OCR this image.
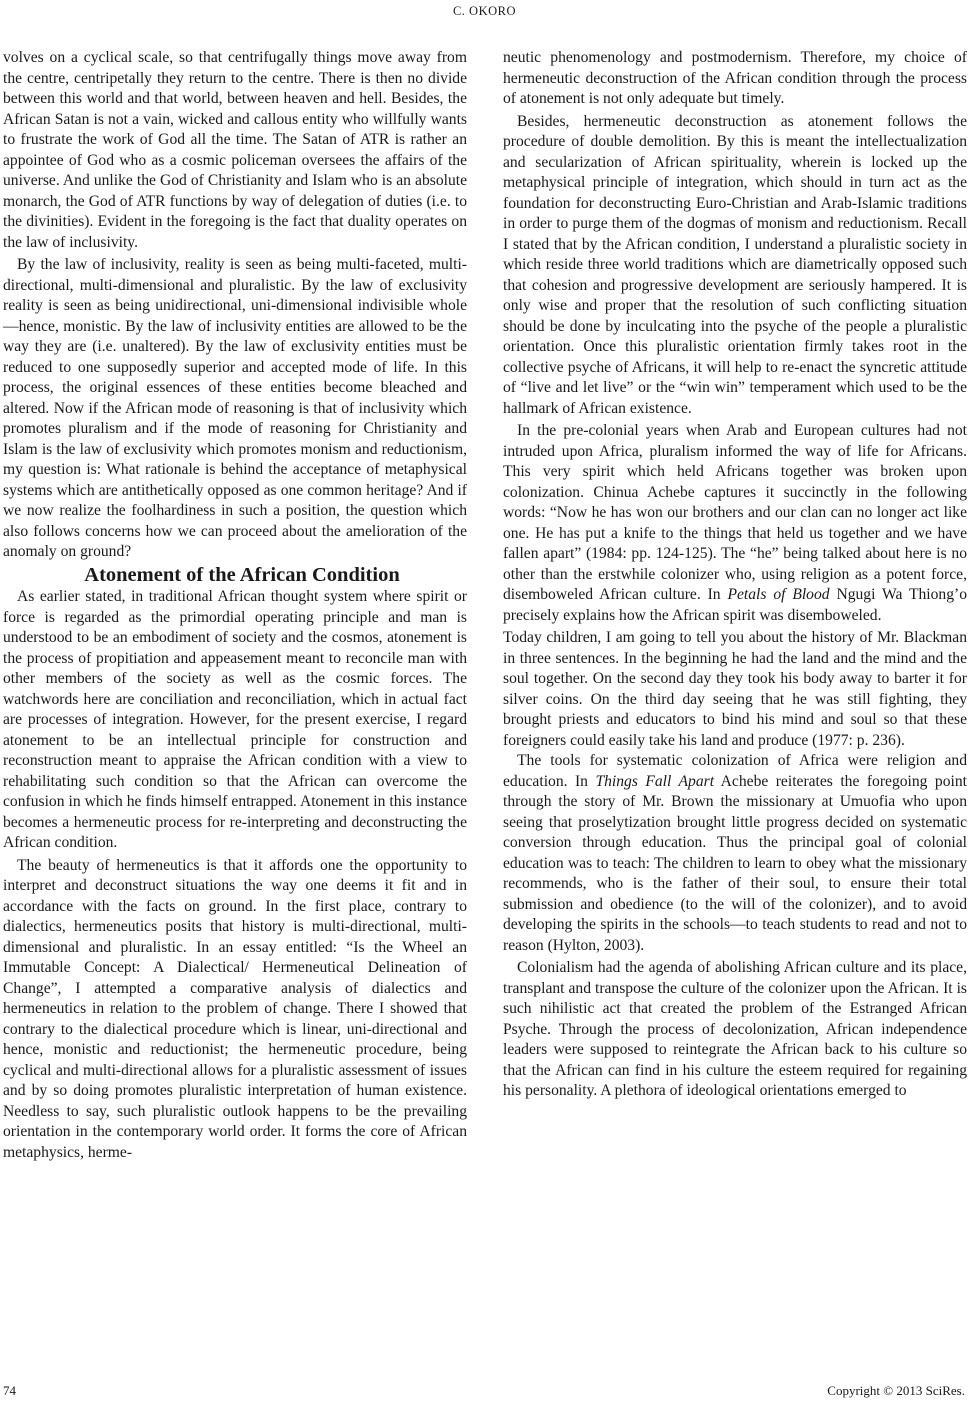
C. OKORO

volves on a cyclical scale, so that centrifugally things move away from the centre, centripetally they return to the centre. There is then no divide between this world and that world, between heaven and hell. Besides, the African Satan is not a vain, wicked and callous entity who willfully wants to frustrate the work of God all the time. The Satan of ATR is rather an appointee of God who as a cosmic policeman oversees the affairs of the universe. And unlike the God of Christianity and Islam who is an absolute monarch, the God of ATR functions by way of delegation of duties (i.e. to the divinities). Evident in the foregoing is the fact that duality operates on the law of inclusivity.

By the law of inclusivity, reality is seen as being multi-faceted, multi-directional, multi-dimensional and pluralistic. By the law of exclusivity reality is seen as being unidirectional, uni-dimensional indivisible whole—hence, monistic. By the law of inclusivity entities are allowed to be the way they are (i.e. unaltered). By the law of exclusivity entities must be reduced to one supposedly superior and accepted mode of life. In this process, the original essences of these entities become bleached and altered. Now if the African mode of reasoning is that of inclusivity which promotes pluralism and if the mode of reasoning for Christianity and Islam is the law of exclusivity which promotes monism and reductionism, my question is: What rationale is behind the acceptance of metaphysical systems which are antithetically opposed as one common heritage? And if we now realize the foolhardiness in such a position, the question which also follows concerns how we can proceed about the amelioration of the anomaly on ground?

Atonement of the African Condition

As earlier stated, in traditional African thought system where spirit or force is regarded as the primordial operating principle and man is understood to be an embodiment of society and the cosmos, atonement is the process of propitiation and appeasement meant to reconcile man with other members of the society as well as the cosmic forces. The watchwords here are conciliation and reconciliation, which in actual fact are processes of integration. However, for the present exercise, I regard atonement to be an intellectual principle for construction and reconstruction meant to appraise the African condition with a view to rehabilitating such condition so that the African can overcome the confusion in which he finds himself entrapped. Atonement in this instance becomes a hermeneutic process for re-interpreting and deconstructing the African condition.

The beauty of hermeneutics is that it affords one the opportunity to interpret and deconstruct situations the way one deems it fit and in accordance with the facts on ground. In the first place, contrary to dialectics, hermeneutics posits that history is multi-directional, multi-dimensional and pluralistic. In an essay entitled: “Is the Wheel an Immutable Concept: A Dialectical/ Hermeneutical Delineation of Change”, I attempted a comparative analysis of dialectics and hermeneutics in relation to the problem of change. There I showed that contrary to the dialectical procedure which is linear, uni-directional and hence, monistic and reductionist; the hermeneutic procedure, being cyclical and multi-directional allows for a pluralistic assessment of issues and by so doing promotes pluralistic interpretation of human existence. Needless to say, such pluralistic outlook happens to be the prevailing orientation in the contemporary world order. It forms the core of African metaphysics, herme-

neutic phenomenology and postmodernism. Therefore, my choice of hermeneutic deconstruction of the African condition through the process of atonement is not only adequate but timely.

Besides, hermeneutic deconstruction as atonement follows the procedure of double demolition. By this is meant the intellectualization and secularization of African spirituality, wherein is locked up the metaphysical principle of integration, which should in turn act as the foundation for deconstructing Euro-Christian and Arab-Islamic traditions in order to purge them of the dogmas of monism and reductionism. Recall I stated that by the African condition, I understand a pluralistic society in which reside three world traditions which are diametrically opposed such that cohesion and progressive development are seriously hampered. It is only wise and proper that the resolution of such conflicting situation should be done by inculcating into the psyche of the people a pluralistic orientation. Once this pluralistic orientation firmly takes root in the collective psyche of Africans, it will help to re-enact the syncretic attitude of “live and let live” or the “win win” temperament which used to be the hallmark of African existence.

In the pre-colonial years when Arab and European cultures had not intruded upon Africa, pluralism informed the way of life for Africans. This very spirit which held Africans together was broken upon colonization. Chinua Achebe captures it succinctly in the following words: “Now he has won our brothers and our clan can no longer act like one. He has put a knife to the things that held us together and we have fallen apart” (1984: pp. 124-125). The “he” being talked about here is no other than the erstwhile colonizer who, using religion as a potent force, disemboweled African culture. In Petals of Blood Ngugi Wa Thiong’o precisely explains how the African spirit was disemboweled.

Today children, I am going to tell you about the history of Mr. Blackman in three sentences. In the beginning he had the land and the mind and the soul together. On the second day they took his body away to barter it for silver coins. On the third day seeing that he was still fighting, they brought priests and educators to bind his mind and soul so that these foreigners could easily take his land and produce (1977: p. 236).

The tools for systematic colonization of Africa were religion and education. In Things Fall Apart Achebe reiterates the foregoing point through the story of Mr. Brown the missionary at Umuofia who upon seeing that proselytization brought little progress decided on systematic conversion through education. Thus the principal goal of colonial education was to teach: The children to learn to obey what the missionary recommends, who is the father of their soul, to ensure their total submission and obedience (to the will of the colonizer), and to avoid developing the spirits in the schools—to teach students to read and not to reason (Hylton, 2003).

Colonialism had the agenda of abolishing African culture and its place, transplant and transpose the culture of the colonizer upon the African. It is such nihilistic act that created the problem of the Estranged African Psyche. Through the process of decolonization, African independence leaders were supposed to reintegrate the African back to his culture so that the African can find in his culture the esteem required for regaining his personality. A plethora of ideological orientations emerged to

74	Copyright © 2013 SciRes.
